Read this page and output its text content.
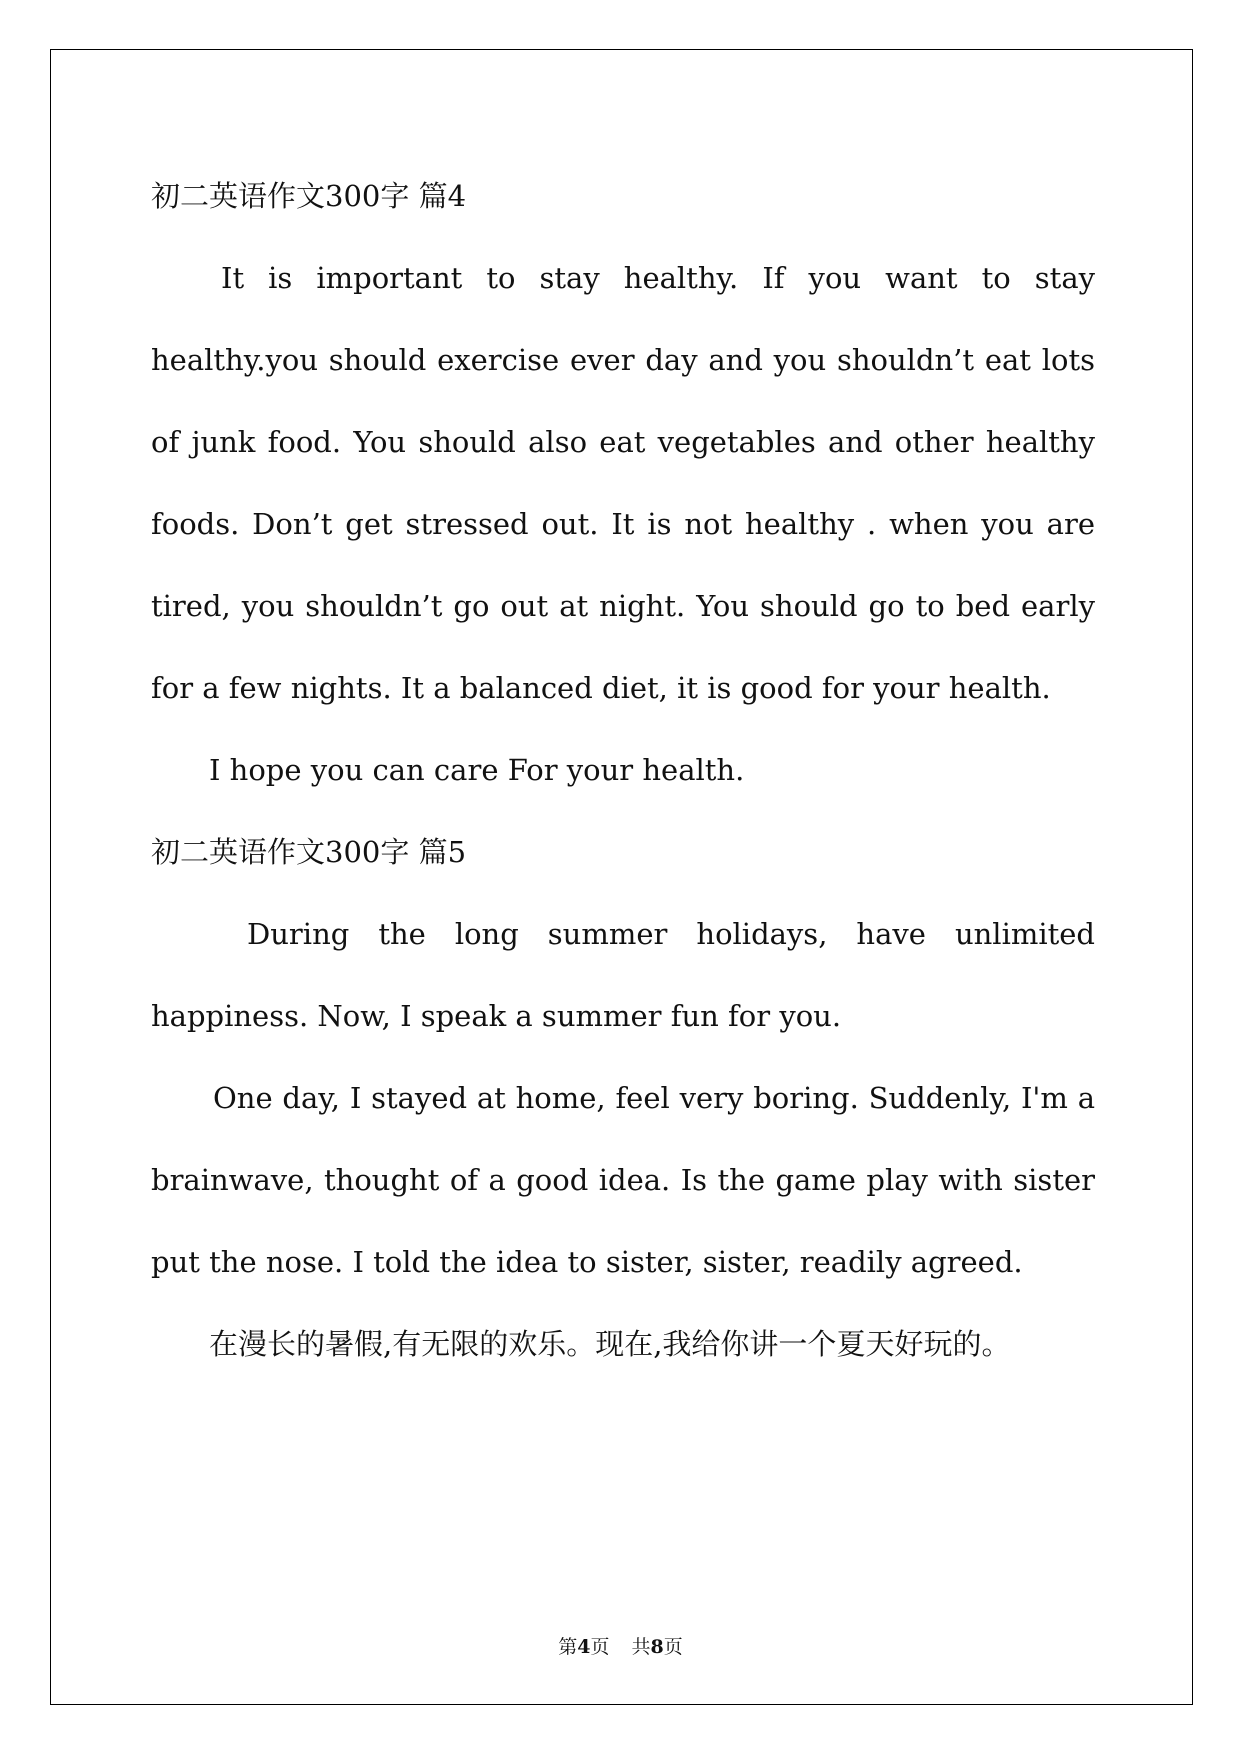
初二英语作文300字 篇4

It is important to stay healthy. If you want to stay healthy.you should exercise ever day and you shouldn’t eat lots of junk food. You should also eat vegetables and other healthy foods. Don’t get stressed out. It is not healthy . when you are tired, you shouldn’t go out at night. You should go to bed early for a few nights. It a balanced diet, it is good for your health.

I hope you can care For your health.

初二英语作文300字 篇5

During the long summer holidays, have unlimited happiness. Now, I speak a summer fun for you.

One day, I stayed at home, feel very boring. Suddenly, I'm a brainwave, thought of a good idea. Is the game play with sister put the nose. I told the idea to sister, sister, readily agreed.

在漫长的暑假,有无限的欢乐。现在,我给你讲一个夏天好玩的。

第4页 共8页
